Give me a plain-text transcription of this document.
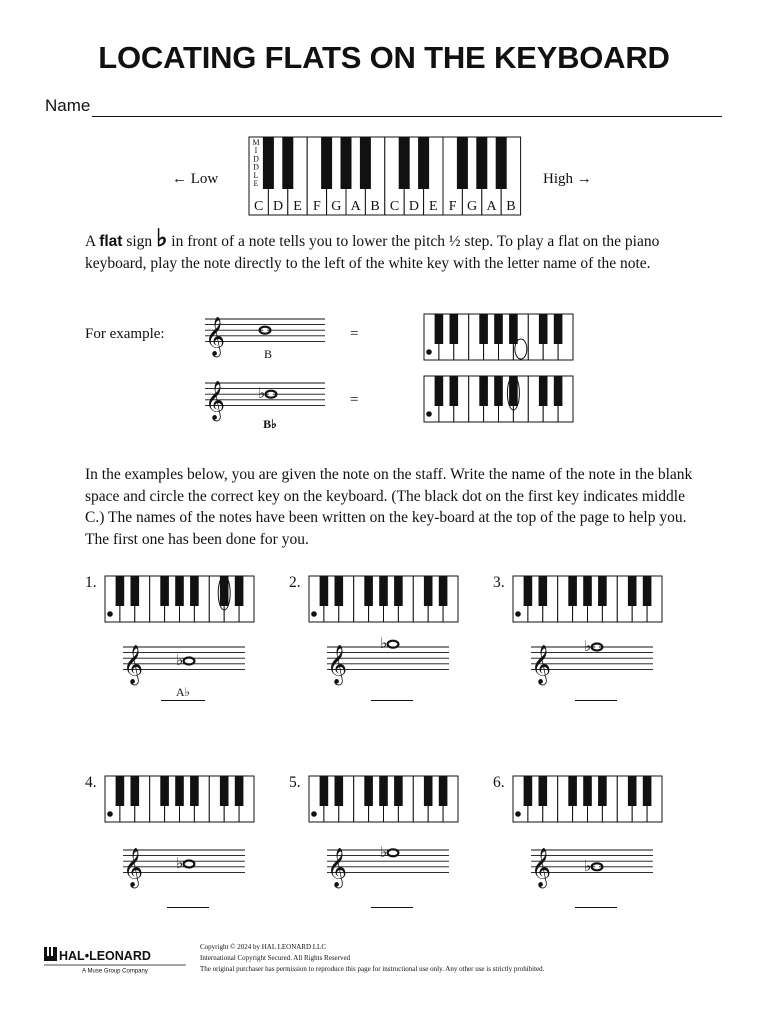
LOCATING FLATS ON THE KEYBOARD
Name
← Low	High →
C D E F G A B C D E F G A B
M
I
D
D
L
E
A flat sign ♭ in front of a note tells you to lower the pitch ½ step. To play a flat on the piano keyboard, play the note directly to the left of the white key with the letter name of the note.
For example: 𝄞	B
=
𝄞 ♭
B♭
=
In the examples below, you are given the note on the staff. Write the name of the note in the blank space and circle the correct key on the keyboard. (The black dot on the first key indicates middle C.) The names of the notes have been written on the key-board at the top of the page to help you. The first one has been done for you.
1.
𝄞 ♭
A♭
2.
𝄞
♭
3.
𝄞 ♭
4.
𝄞 ♭
5.
𝄞 ♭
6.
𝄞 ♭
HAL•LEONARD
A Muse Group Company
Copyright © 2024 by HAL LEONARD LLC
International Copyright Secured. All Rights Reserved
The original purchaser has permission to reproduce this page for instructional use only. Any other use is strictly prohibited.
